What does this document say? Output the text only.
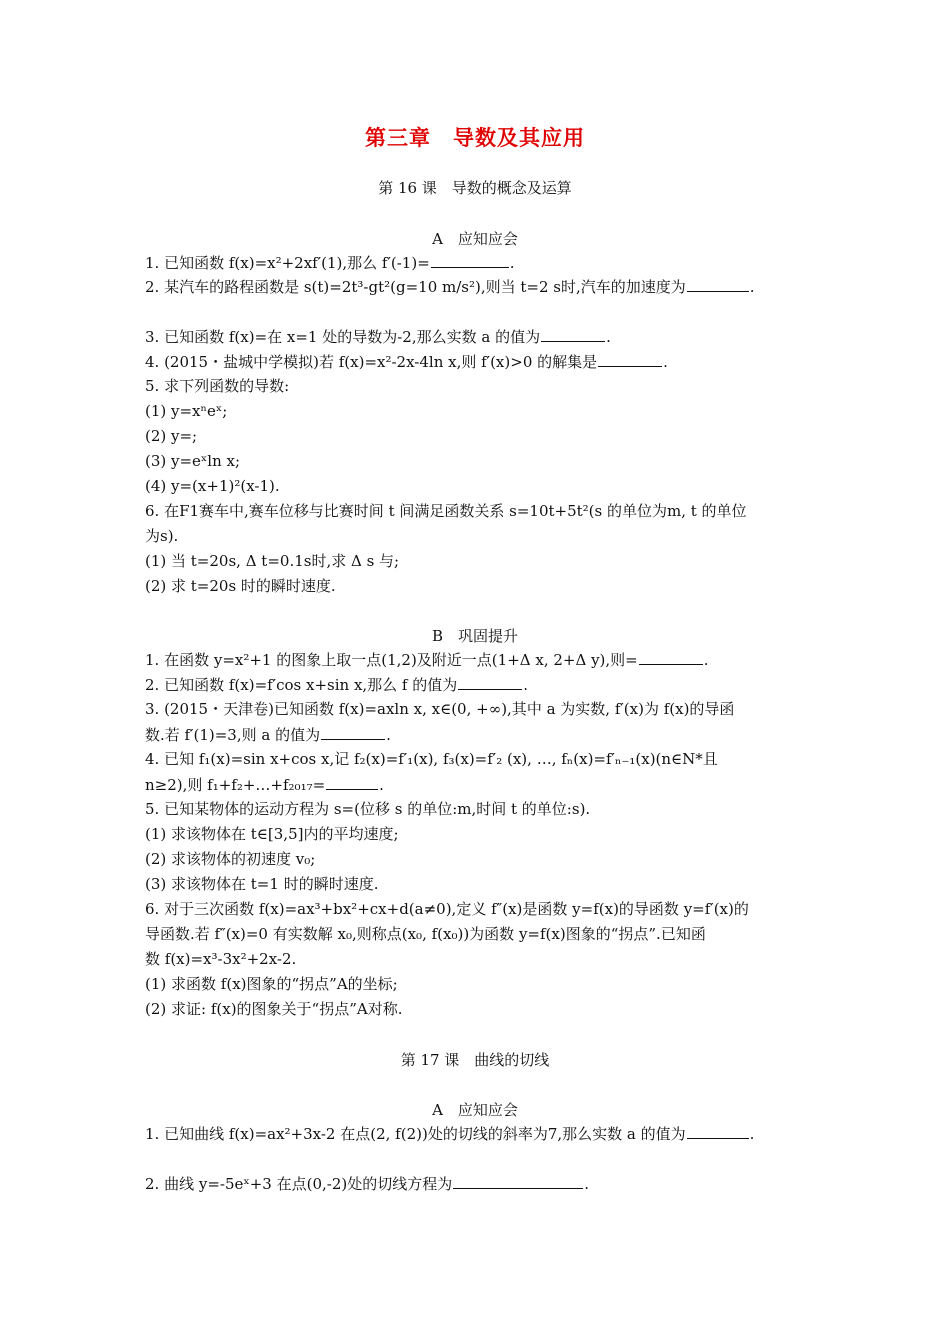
第三章　导数及其应用
第 16 课　导数的概念及运算
A　应知应会
1. 已知函数 f(x)=x²+2xf′(1),那么 f′(-1)=	.
2. 某汽车的路程函数是 s(t)=2t³-gt²(g=10 m/s²),则当 t=2 s时,汽车的加速度为	.
3. 已知函数 f(x)=在 x=1 处的导数为-2,那么实数 a 的值为	.
4. (2015・盐城中学模拟)若 f(x)=x²-2x-4ln x,则 f′(x)>0 的解集是	.
5. 求下列函数的导数:
(1) y=xⁿeˣ;
(2) y=;
(3) y=eˣln x;
(4) y=(x+1)²(x-1).
6. 在F1赛车中,赛车位移与比赛时间 t 间满足函数关系 s=10t+5t²(s 的单位为m, t 的单位
为s).
(1) 当 t=20s, Δ t=0.1s时,求 Δ s 与;
(2) 求 t=20s 时的瞬时速度.
B　巩固提升
1. 在函数 y=x²+1 的图象上取一点(1,2)及附近一点(1+Δ x, 2+Δ y),则=	.
2. 已知函数 f(x)=f′cos x+sin x,那么 f 的值为	.
3. (2015・天津卷)已知函数 f(x)=axln x, x∈(0, +∞),其中 a 为实数, f′(x)为 f(x)的导函
数.若 f′(1)=3,则 a 的值为	.
4. 已知 f₁(x)=sin x+cos x,记 f₂(x)=f′₁(x), f₃(x)=f′₂ (x), …, fₙ(x)=f′ₙ₋₁(x)(n∈N*且
n≥2),则 f₁+f₂+…+f₂₀₁₇=	.
5. 已知某物体的运动方程为 s=(位移 s 的单位:m,时间 t 的单位:s).
(1) 求该物体在 t∈[3,5]内的平均速度;
(2) 求该物体的初速度 v₀;
(3) 求该物体在 t=1 时的瞬时速度.
6. 对于三次函数 f(x)=ax³+bx²+cx+d(a≠0),定义 f″(x)是函数 y=f(x)的导函数 y=f′(x)的
导函数.若 f″(x)=0 有实数解 x₀,则称点(x₀, f(x₀))为函数 y=f(x)图象的“拐点”.已知函
数 f(x)=x³-3x²+2x-2.
(1) 求函数 f(x)图象的“拐点”A的坐标;
(2) 求证: f(x)的图象关于“拐点”A对称.
第 17 课　曲线的切线
A　应知应会
1. 已知曲线 f(x)=ax²+3x-2 在点(2, f(2))处的切线的斜率为7,那么实数 a 的值为	.
2. 曲线 y=-5eˣ+3 在点(0,-2)处的切线方程为	.
